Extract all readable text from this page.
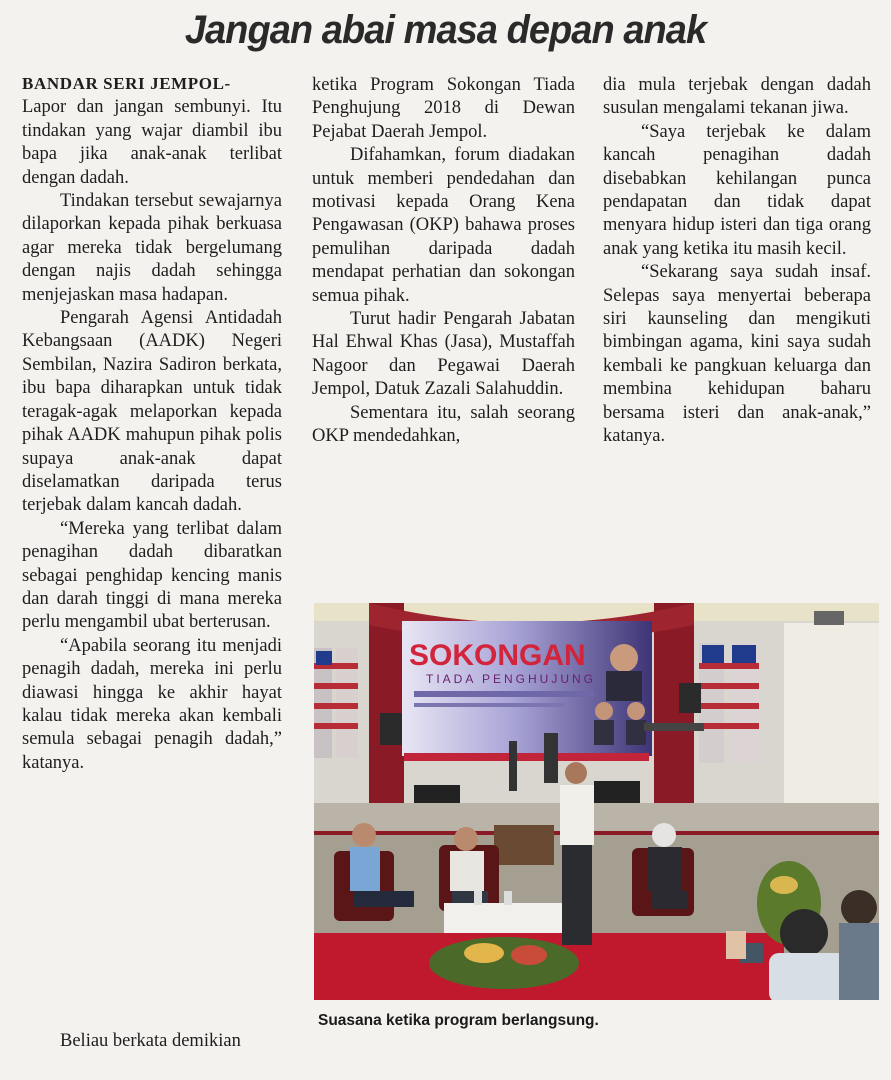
Jangan abai masa depan anak

BANDAR SERI JEMPOL-
Lapor dan jangan sembunyi. Itu tindakan yang wajar diambil ibu bapa jika anak-anak terlibat dengan dadah.

Tindakan tersebut sewajarnya dilaporkan kepada pihak berkuasa agar mereka tidak bergelumang dengan najis dadah sehingga menjejaskan masa hadapan.

Pengarah Agensi Antidadah Kebangsaan (AADK) Negeri Sembilan, Nazira Sadiron berkata, ibu bapa diharapkan untuk tidak teragak-agak melaporkan kepada pihak AADK mahupun pihak polis supaya anak-anak dapat diselamatkan daripada terus terjebak dalam kancah dadah.

“Mereka yang terlibat dalam penagihan dadah dibaratkan sebagai penghidap kencing manis dan darah tinggi di mana mereka perlu mengambil ubat berterusan.

“Apabila seorang itu menjadi penagih dadah, mereka ini perlu diawasi hingga ke akhir hayat kalau tidak mereka akan kembali semula sebagai penagih dadah,” katanya.

Beliau berkata demikian

ketika Program Sokongan Tiada Penghujung 2018 di Dewan Pejabat Daerah Jempol.

Difahamkan, forum diadakan untuk memberi pendedahan dan motivasi kepada Orang Kena Pengawasan (OKP) bahawa proses pemulihan daripada dadah mendapat perhatian dan sokongan semua pihak.

Turut hadir Pengarah Jabatan Hal Ehwal Khas (Jasa), Mustaffah Nagoor dan Pegawai Daerah Jempol, Datuk Zazali Salahuddin.

Sementara itu, salah seorang OKP mendedahkan,

dia mula terjebak dengan dadah susulan mengalami tekanan jiwa.

“Saya terjebak ke dalam kancah penagihan dadah disebabkan kehilangan punca pendapatan dan tidak dapat menyara hidup isteri dan tiga orang anak yang ketika itu masih kecil.

“Sekarang saya sudah insaf. Selepas saya menyertai beberapa siri kaunseling dan mengikuti bimbingan agama, kini saya sudah kembali ke pangkuan keluarga dan membina kehidupan baharu bersama isteri dan anak-anak,” katanya.

SOKONGAN
TIADA PENGHUJUNG
Suasana ketika program berlangsung.
